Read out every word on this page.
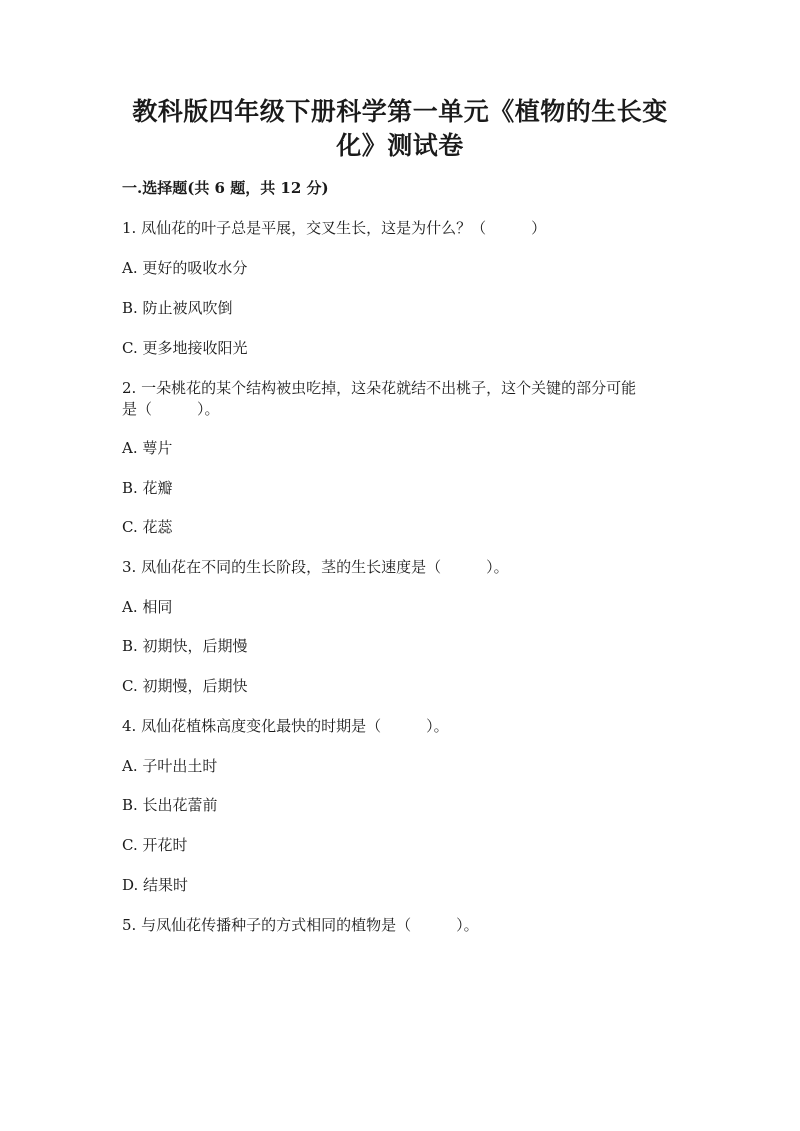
教科版四年级下册科学第一单元《植物的生长变
化》测试卷
一.选择题(共 6 题，共 12 分)
1. 凤仙花的叶子总是平展，交叉生长，这是为什么？（　　　）
A. 更好的吸收水分
B. 防止被风吹倒
C. 更多地接收阳光
2. 一朵桃花的某个结构被虫吃掉，这朵花就结不出桃子，这个关键的部分可能
是（　　　）。
A. 萼片
B. 花瓣
C. 花蕊
3. 凤仙花在不同的生长阶段，茎的生长速度是（　　　）。
A. 相同
B. 初期快，后期慢
C. 初期慢，后期快
4. 凤仙花植株高度变化最快的时期是（　　　）。
A. 子叶出土时
B. 长出花蕾前
C. 开花时
D. 结果时
5. 与凤仙花传播种子的方式相同的植物是（　　　）。
